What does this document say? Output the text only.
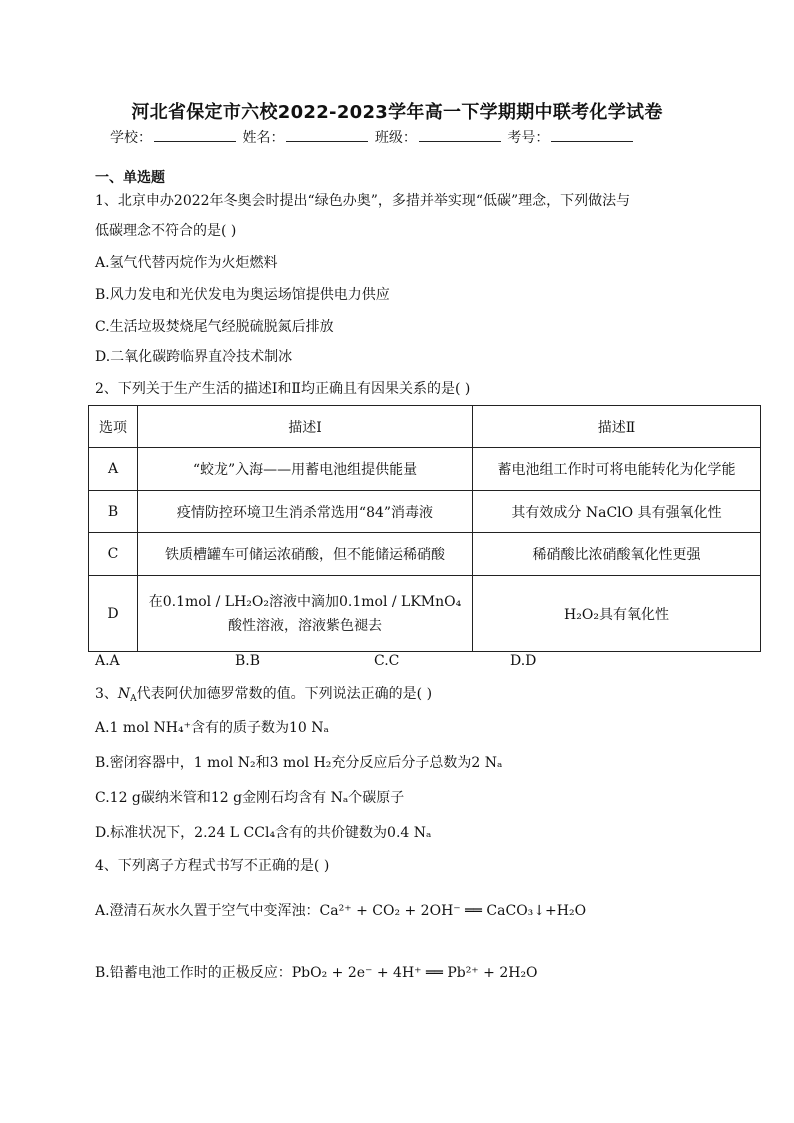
河北省保定市六校2022-2023学年高一下学期期中联考化学试卷
学校：	姓名：	班级：	考号：
一、单选题
1、北京申办2022年冬奥会时提出“绿色办奥”，多措并举实现“低碳”理念，下列做法与
低碳理念不符合的是( )
A.氢气代替丙烷作为火炬燃料
B.风力发电和光伏发电为奥运场馆提供电力供应
C.生活垃圾焚烧尾气经脱硫脱氮后排放
D.二氧化碳跨临界直冷技术制冰
2、下列关于生产生活的描述Ⅰ和Ⅱ均正确且有因果关系的是( )
选项	描述Ⅰ	描述Ⅱ
A	“蛟龙”入海——用蓄电池组提供能量	蓄电池组工作时可将电能转化为化学能
B	疫情防控环境卫生消杀常选用“84”消毒液	其有效成分 NaClO 具有强氧化性
C	铁质槽罐车可储运浓硝酸，但不能储运稀硝酸	稀硝酸比浓硝酸氧化性更强
D	在0.1mol / LH₂O₂溶液中滴加0.1mol / LKMnO₄
酸性溶液，溶液紫色褪去	H₂O₂具有氧化性
A.A	B.B	C.C	D.D
3、$N_A$代表阿伏加德罗常数的值。下列说法正确的是( )
A.1 mol NH₄⁺含有的质子数为10 Nₐ
B.密闭容器中，1 mol N₂和3 mol H₂充分反应后分子总数为2 Nₐ
C.12 g碳纳米管和12 g金刚石均含有 Nₐ个碳原子
D.标准状况下，2.24 L CCl₄含有的共价键数为0.4 Nₐ
4、下列离子方程式书写不正确的是( )
A.澄清石灰水久置于空气中变浑浊：Ca²⁺ + CO₂ + 2OH⁻ ══ CaCO₃↓+H₂O
B.铅蓄电池工作时的正极反应：PbO₂ + 2e⁻ + 4H⁺ ══ Pb²⁺ + 2H₂O
